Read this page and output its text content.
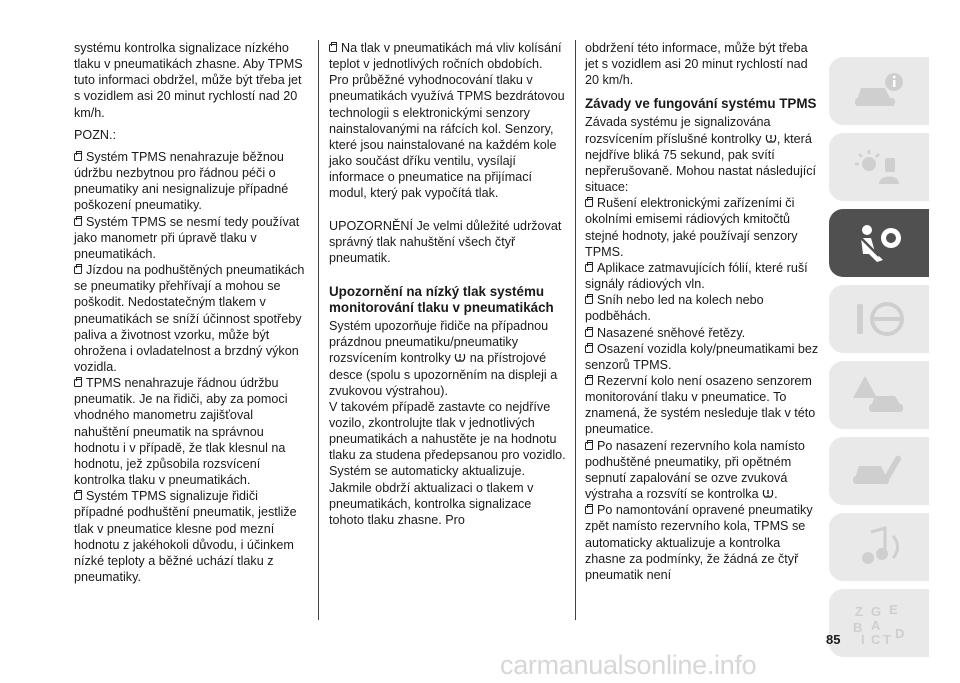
systému kontrolka signalizace nízkého tlaku v pneumatikách zhasne. Aby TPMS tuto informaci obdržel, může být třeba jet s vozidlem asi 20 minut rychlostí nad 20 km/h.

POZN.:

Systém TPMS nenahrazuje běžnou údržbu nezbytnou pro řádnou péči o pneumatiky ani nesignalizuje případné poškození pneumatiky.

Systém TPMS se nesmí tedy používat jako manometr při úpravě tlaku v pneumatikách.

Jízdou na podhuštěných pneumatikách se pneumatiky přehřívají a mohou se poškodit. Nedostatečným tlakem v pneumatikách se sníží účinnost spotřeby paliva a životnost vzorku, může být ohrožena i ovladatelnost a brzdný výkon vozidla.

TPMS nenahrazuje řádnou údržbu pneumatik. Je na řidiči, aby za pomoci vhodného manometru zajišťoval nahuštění pneumatik na správnou hodnotu i v případě, že tlak klesnul na hodnotu, jež způsobila rozsvícení kontrolka tlaku v pneumatikách.

Systém TPMS signalizuje řidiči případné podhuštění pneumatik, jestliže tlak v pneumatice klesne pod mezní hodnotu z jakéhokoli důvodu, i účinkem nízké teploty a běžné uchází tlaku z pneumatiky.

Na tlak v pneumatikách má vliv kolísání teplot v jednotlivých ročních obdobích.

Pro průběžné vyhodnocování tlaku v pneumatikách využívá TPMS bezdrátovou technologii s elektronickými senzory nainstalovanými na ráfcích kol. Senzory, které jsou nainstalované na každém kole jako součást dříku ventilu, vysílají informace o pneumatice na přijímací modul, který pak vypočítá tlak.

UPOZORNĚNÍ Je velmi důležité udržovat správný tlak nahuštění všech čtyř pneumatik.

Upozornění na nízký tlak systému monitorování tlaku v pneumatikách

Systém upozorňuje řidiče na případnou prázdnou pneumatiku/pneumatiky rozsvícením kontrolky na přístrojové desce (spolu s upozorněním na displeji a zvukovou výstrahou).

V takovém případě zastavte co nejdříve vozilo, zkontrolujte tlak v jednotlivých pneumatikách a nahustěte je na hodnotu tlaku za studena předepsanou pro vozidlo. Systém se automaticky aktualizuje. Jakmile obdrží aktualizaci o tlakem v pneumatikách, kontrolka signalizace tohoto tlaku zhasne. Pro

obdržení této informace, může být třeba jet s vozidlem asi 20 minut rychlostí nad 20 km/h.

Závady ve fungování systému TPMS

Závada systému je signalizována rozsvícením příslušné kontrolky , která nejdříve bliká 75 sekund, pak svítí nepřerušovaně. Mohou nastat následující situace:

Rušení elektronickými zařízeními či okolními emisemi rádiových kmitočtů stejné hodnoty, jaké používají senzory TPMS.

Aplikace zatmavujících fólií, které ruší signály rádiových vln.

Sníh nebo led na kolech nebo podběhách.

Nasazené sněhové řetězy.

Osazení vozidla koly/pneumatikami bez senzorů TPMS.

Rezervní kolo není osazeno senzorem monitorování tlaku v pneumatice. To znamená, že systém nesleduje tlak v této pneumatice.

Po nasazení rezervního kola namísto podhuštěné pneumatiky, při opětném sepnutí zapalování se ozve zvuková výstraha a rozsvítí se kontrolka .

Po namontování opravené pneumatiky zpět namísto rezervního kola, TPMS se automaticky aktualizuje a kontrolka zhasne za podmínky, že žádná ze čtyř pneumatik není

Z G E
B A
I C T D
85
carmanualsonline.info
